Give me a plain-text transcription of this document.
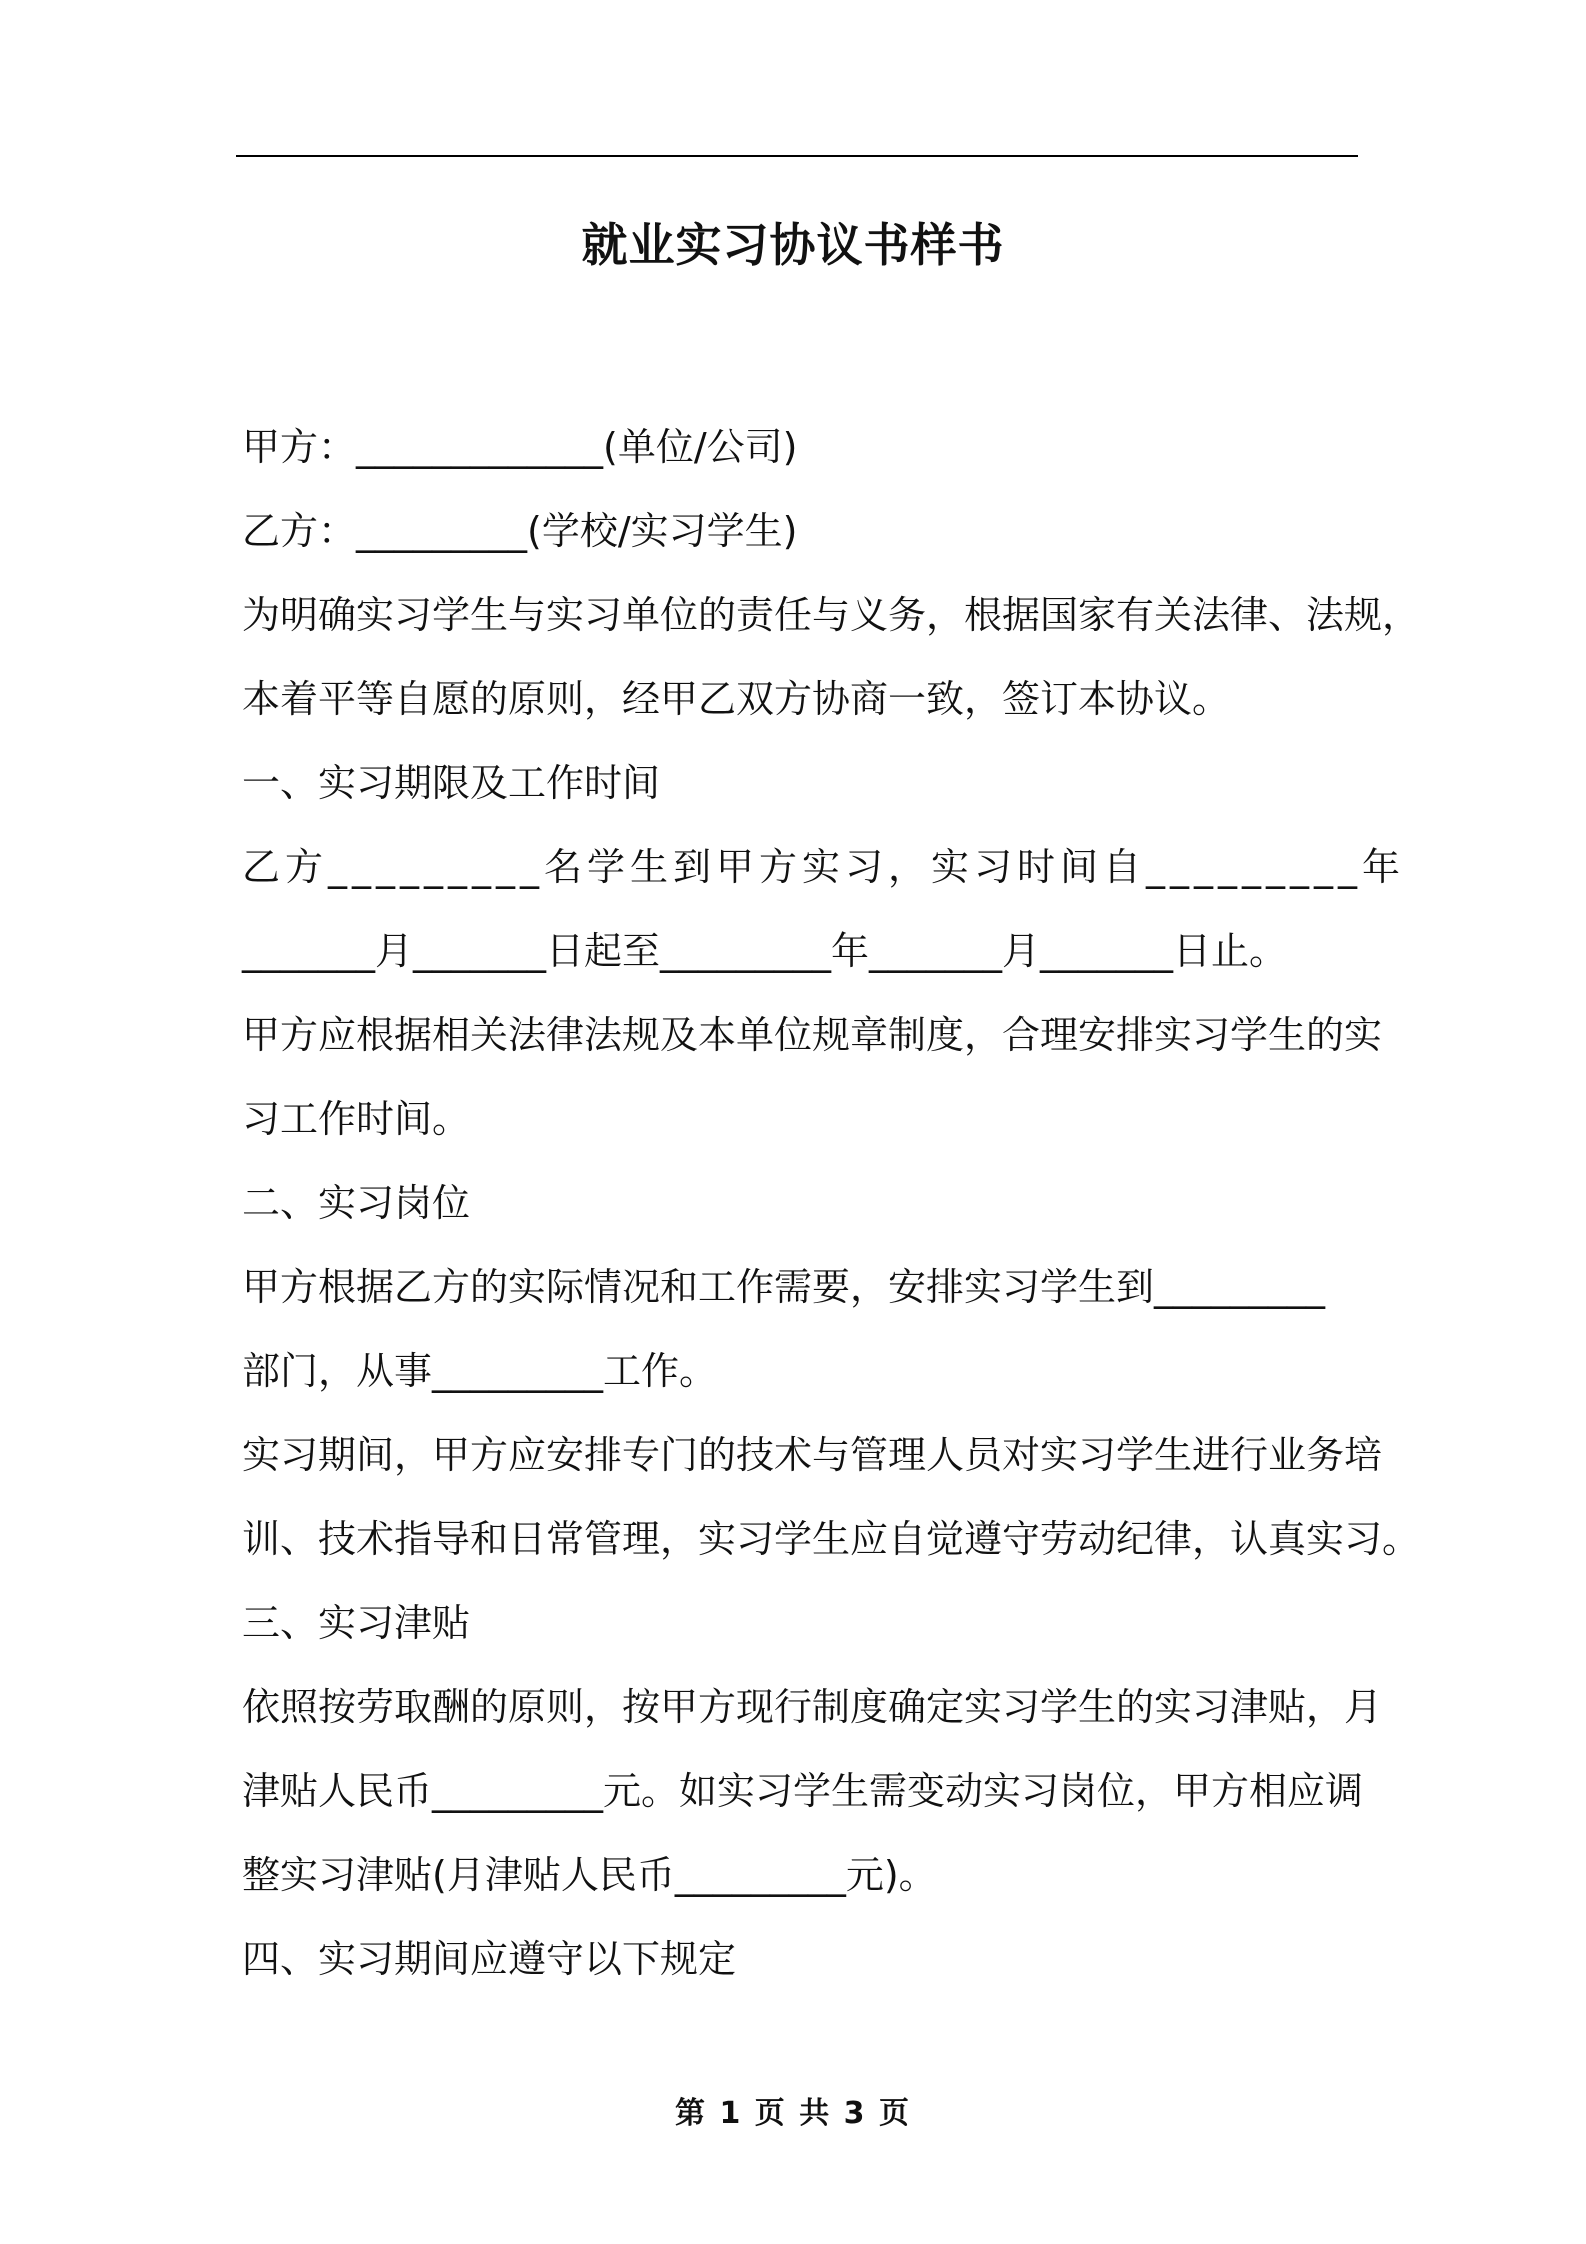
就业实习协议书样书
甲方：_____________(单位/公司)
乙方：_________(学校/实习学生)
为明确实习学生与实习单位的责任与义务，根据国家有关法律、法规，
本着平等自愿的原则，经甲乙双方协商一致，签订本协议。
一、实习期限及工作时间
乙方_________名学生到甲方实习，实习时间自_________年
_______月_______日起至_________年_______月_______日止。
甲方应根据相关法律法规及本单位规章制度，合理安排实习学生的实
习工作时间。
二、实习岗位
甲方根据乙方的实际情况和工作需要，安排实习学生到_________
部门，从事_________工作。
实习期间，甲方应安排专门的技术与管理人员对实习学生进行业务培
训、技术指导和日常管理，实习学生应自觉遵守劳动纪律，认真实习。
三、实习津贴
依照按劳取酬的原则，按甲方现行制度确定实习学生的实习津贴，月
津贴人民币_________元。如实习学生需变动实习岗位，甲方相应调
整实习津贴(月津贴人民币_________元)。
四、实习期间应遵守以下规定
第 1 页 共 3 页
